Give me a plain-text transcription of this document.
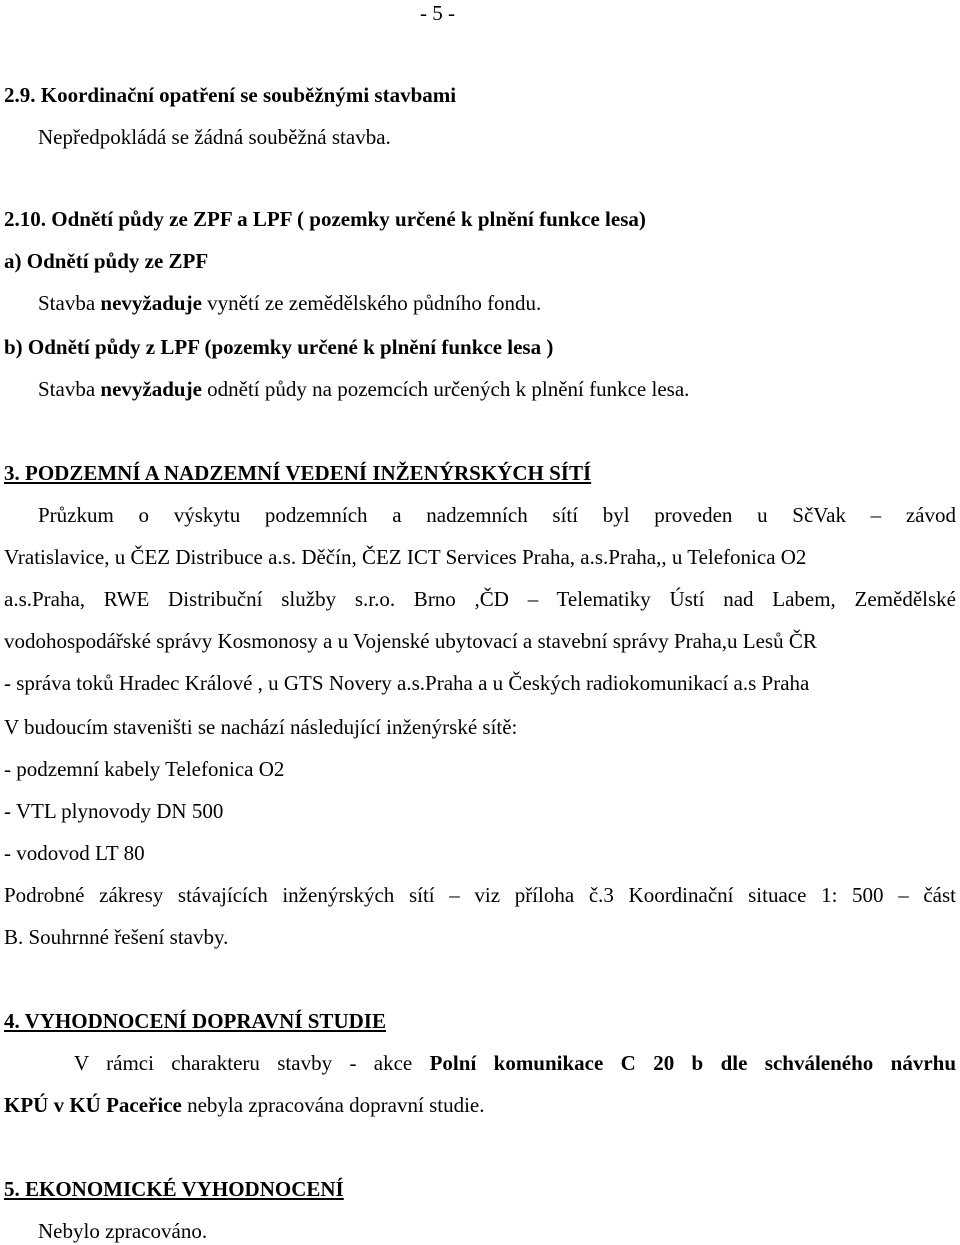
- 5 -
2.9. Koordinační opatření se souběžnými stavbami
Nepředpokládá se žádná souběžná stavba.
2.10. Odnětí půdy ze ZPF a LPF ( pozemky určené k plnění funkce lesa)
a) Odnětí půdy ze ZPF
Stavba nevyžaduje vynětí ze zemědělského půdního fondu.
b) Odnětí půdy z LPF (pozemky určené k plnění funkce lesa )
Stavba nevyžaduje odnětí půdy na pozemcích určených k plnění funkce lesa.
3. PODZEMNÍ A NADZEMNÍ VEDENÍ INŽENÝRSKÝCH SÍTÍ
Průzkum o výskytu podzemních a nadzemních sítí byl proveden u SčVak – závod
Vratislavice, u ČEZ Distribuce a.s. Děčín, ČEZ ICT Services Praha, a.s.Praha,, u Telefonica O2
a.s.Praha, RWE Distribuční služby s.r.o. Brno ,ČD – Telematiky Ústí nad Labem, Zemědělské
vodohospodářské správy Kosmonosy a u Vojenské ubytovací a stavební správy Praha,u Lesů ČR
- správa toků Hradec Králové , u GTS Novery a.s.Praha a u Českých radiokomunikací a.s Praha
V budoucím staveništi se nachází následující inženýrské sítě:
- podzemní kabely Telefonica O2
- VTL plynovody DN 500
- vodovod LT 80
Podrobné zákresy stávajících inženýrských sítí – viz příloha č.3 Koordinační situace 1: 500 – část
B. Souhrnné řešení stavby.
4. VYHODNOCENÍ DOPRAVNÍ STUDIE
V rámci charakteru stavby - akce Polní komunikace C 20 b dle schváleného návrhu
KPÚ v KÚ Paceřice nebyla zpracována dopravní studie.
5. EKONOMICKÉ VYHODNOCENÍ
Nebylo zpracováno.
